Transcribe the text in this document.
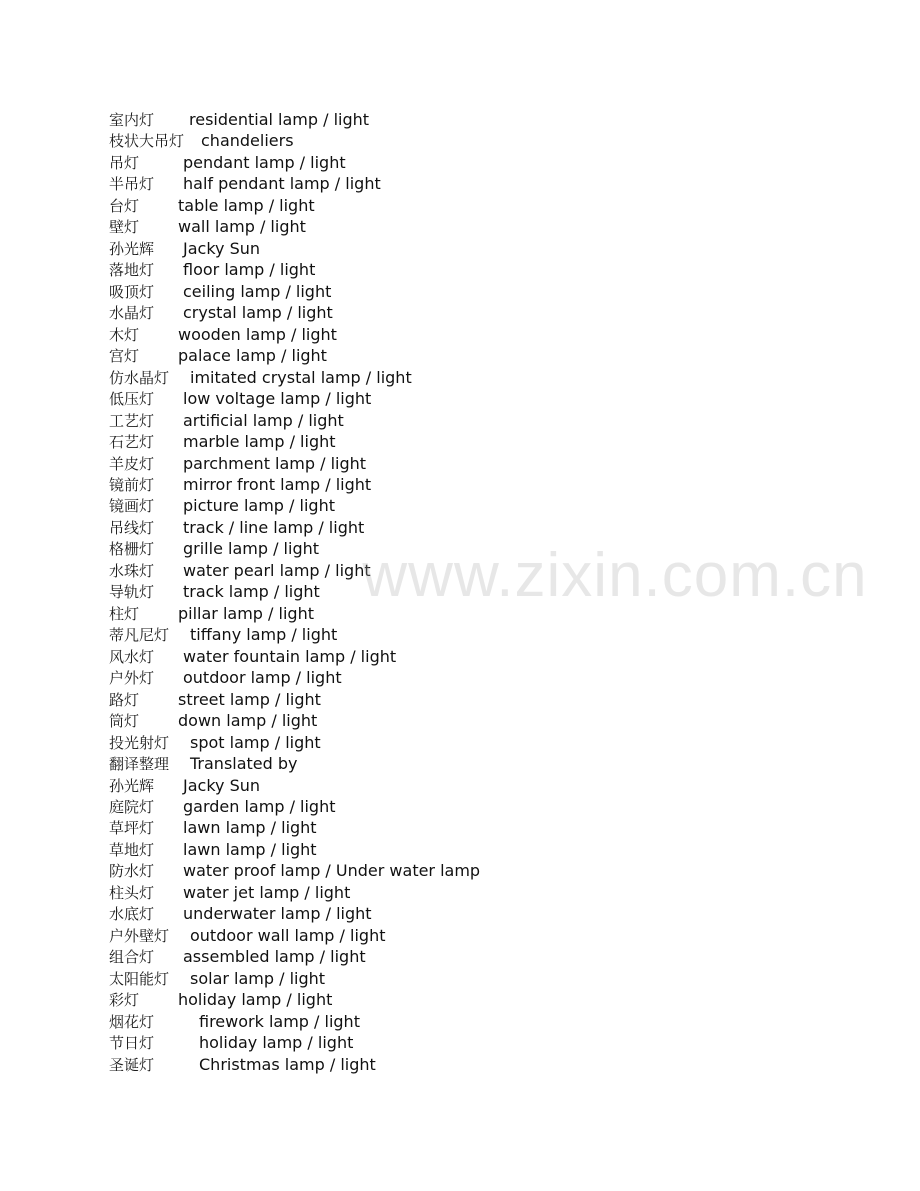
室内灯 residential lamp / light
枝状大吊灯 chandeliers
吊灯	pendant lamp / light
半吊灯 half pendant lamp / light
台灯 table lamp / light
壁灯 wall lamp / light
孙光辉 Jacky Sun
落地灯 floor lamp / light
吸顶灯 ceiling lamp / light
水晶灯 crystal lamp / light
木灯 wooden lamp / light
宫灯 palace lamp / light
仿水晶灯 imitated crystal lamp / light
低压灯 low voltage lamp / light
工艺灯 artificial lamp / light
石艺灯 marble lamp / light
羊皮灯 parchment lamp / light
镜前灯 mirror front lamp / light
镜画灯 picture lamp / light
吊线灯 track / line lamp / light
格栅灯 grille lamp / light
水珠灯 water pearl lamp / light
导轨灯 track lamp / light
柱灯 pillar lamp / light
蒂凡尼灯 tiffany lamp / light
风水灯 water fountain lamp / light
户外灯 outdoor lamp / light
路灯 street lamp / light
筒灯 down lamp / light
投光射灯 spot lamp / light
翻译整理 Translated by
孙光辉 Jacky Sun
庭院灯 garden lamp / light
草坪灯 lawn lamp / light
草地灯 lawn lamp / light
防水灯 water proof lamp / Under water lamp
柱头灯 water jet lamp / light
水底灯 underwater lamp / light
户外壁灯 outdoor wall lamp / light
组合灯 assembled lamp / light
太阳能灯 solar lamp / light
彩灯 holiday lamp / light
烟花灯	firework lamp / light
节日灯	holiday lamp / light
圣诞灯	Christmas lamp / light
www.zixin.com.cn
